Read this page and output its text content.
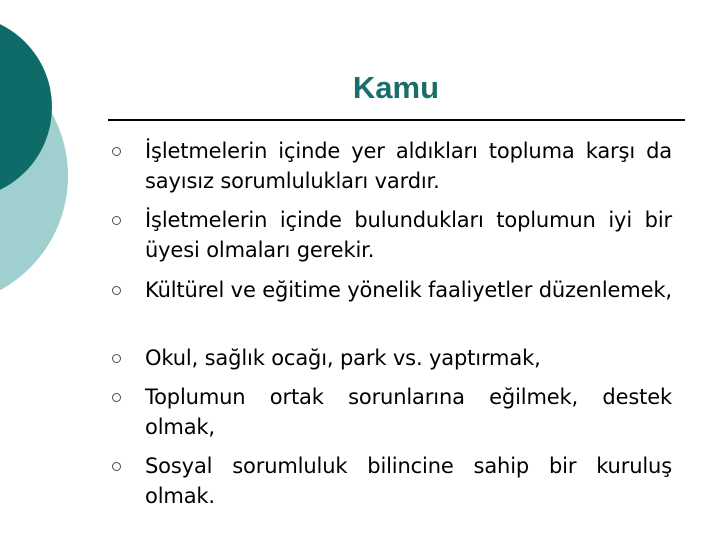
Kamu
İşletmelerin içinde yer aldıkları topluma karşı da sayısız sorumlulukları vardır.
İşletmelerin içinde bulundukları toplumun iyi bir üyesi olmaları gerekir.
Kültürel ve eğitime yönelik faaliyetler düzenlemek,
Okul, sağlık ocağı, park vs. yaptırmak,
Toplumun ortak sorunlarına eğilmek, destek olmak,
Sosyal sorumluluk bilincine sahip bir kuruluş olmak.
